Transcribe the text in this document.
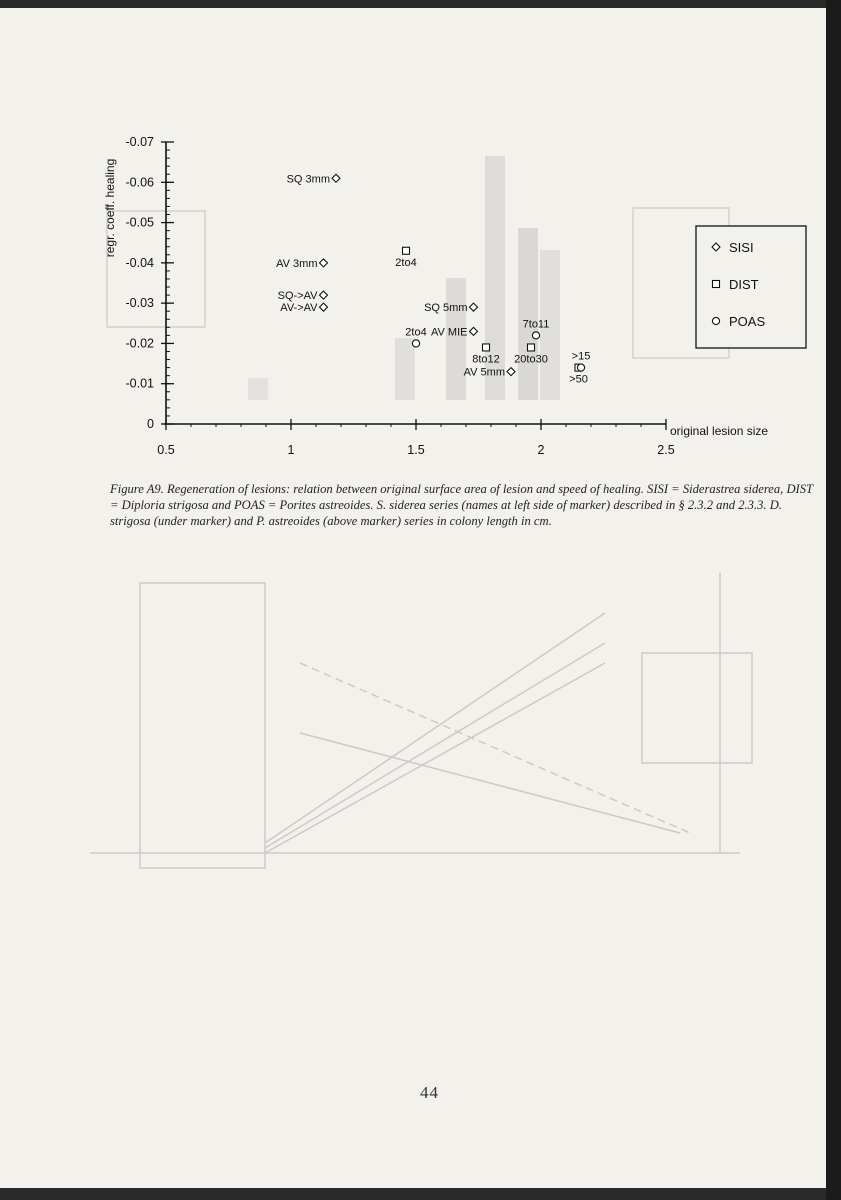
0.5	1	1.5	2	2.5
0
-0.01
-0.02
-0.03
-0.04
-0.05
-0.06
-0.07
original lesion size
regr. coeff. healing	SQ 3mm
AV 3mm
SQ->AV
AV->AV	SQ 5mm
AV MIE
AV 5mm
2to4
8to12 20to30
>50
2to4
7to11
>15
SISI
DIST
POAS
Figure A9. Regeneration of lesions: relation between original surface area of lesion and speed of healing. SISI = Siderastrea siderea, DIST = Diploria strigosa and POAS = Porites astreoides. S. siderea series (names at left side of marker) described in § 2.3.2 and 2.3.3. D. strigosa (under marker) and P. astreoides (above marker) series in colony length in cm.
44
